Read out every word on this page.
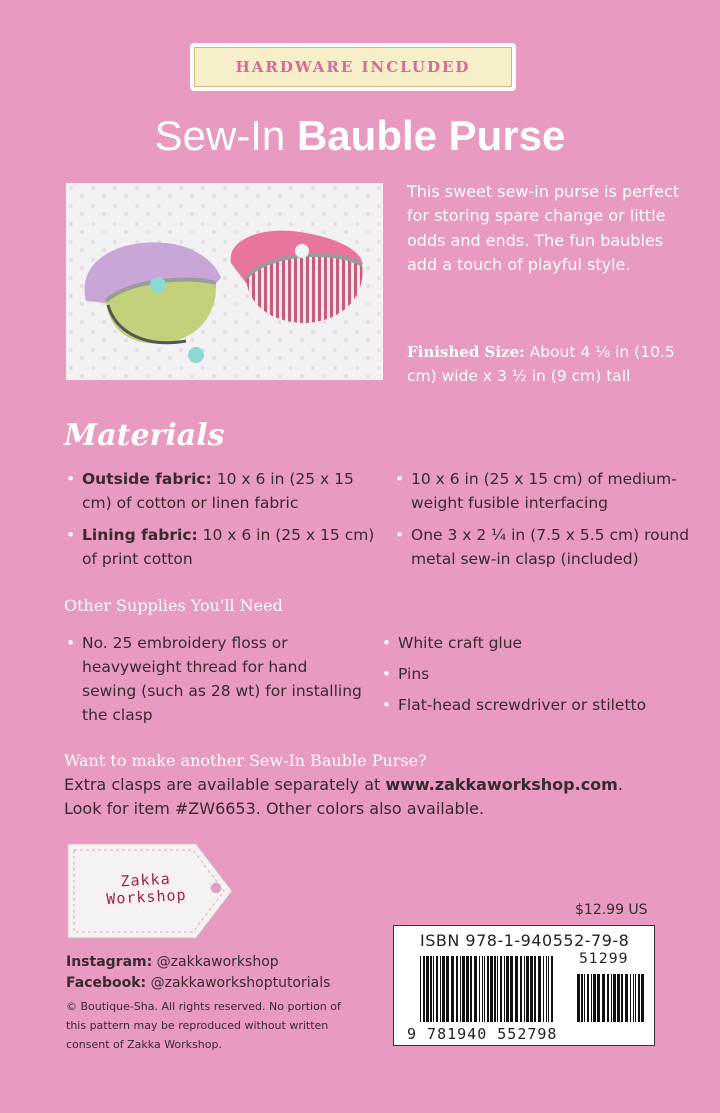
HARDWARE INCLUDED
Sew-In Bauble Purse
This sweet sew-in purse is perfect for storing spare change or little odds and ends. The fun baubles add a touch of playful style.
Finished Size: About 4 ⅛ in (10.5 cm) wide x 3 ½ in (9 cm) tall
Materials
• Outside fabric: 10 x 6 in (25 x 15 cm) of cotton or linen fabric
• Lining fabric: 10 x 6 in (25 x 15 cm) of print cotton
• 10 x 6 in (25 x 15 cm) of medium-weight fusible interfacing
• One 3 x 2 ¼ in (7.5 x 5.5 cm) round metal sew-in clasp (included)
Other Supplies You'll Need
• No. 25 embroidery floss or heavyweight thread for hand sewing (such as 28 wt) for installing the clasp
• White craft glue
• Pins
• Flat-head screwdriver or stiletto
Want to make another Sew-In Bauble Purse?
Extra clasps are available separately at www.zakkaworkshop.com.
Look for item #ZW6653. Other colors also available.
Zakka
Workshop
Instagram: @zakkaworkshop
Facebook: @zakkaworkshoptutorials
© Boutique-Sha. All rights reserved. No portion of this pattern may be reproduced without written consent of Zakka Workshop.
$12.99 US
ISBN 978-1-940552-79-8
51299
9 781940 552798
